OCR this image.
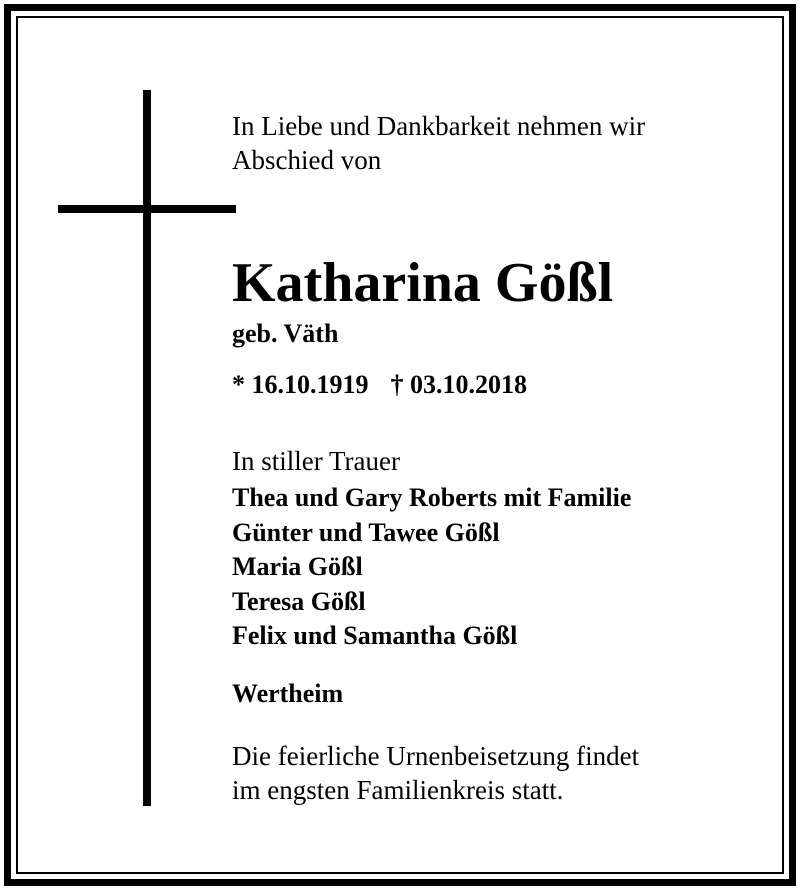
In Liebe und Dankbarkeit nehmen wir
Abschied von
Katharina Gößl
geb. Väth
* 16.10.1919 † 03.10.2018
In stiller Trauer
Thea und Gary Roberts mit Familie
Günter und Tawee Gößl
Maria Gößl
Teresa Gößl
Felix und Samantha Gößl
Wertheim
Die feierliche Urnenbeisetzung findet
im engsten Familienkreis statt.
